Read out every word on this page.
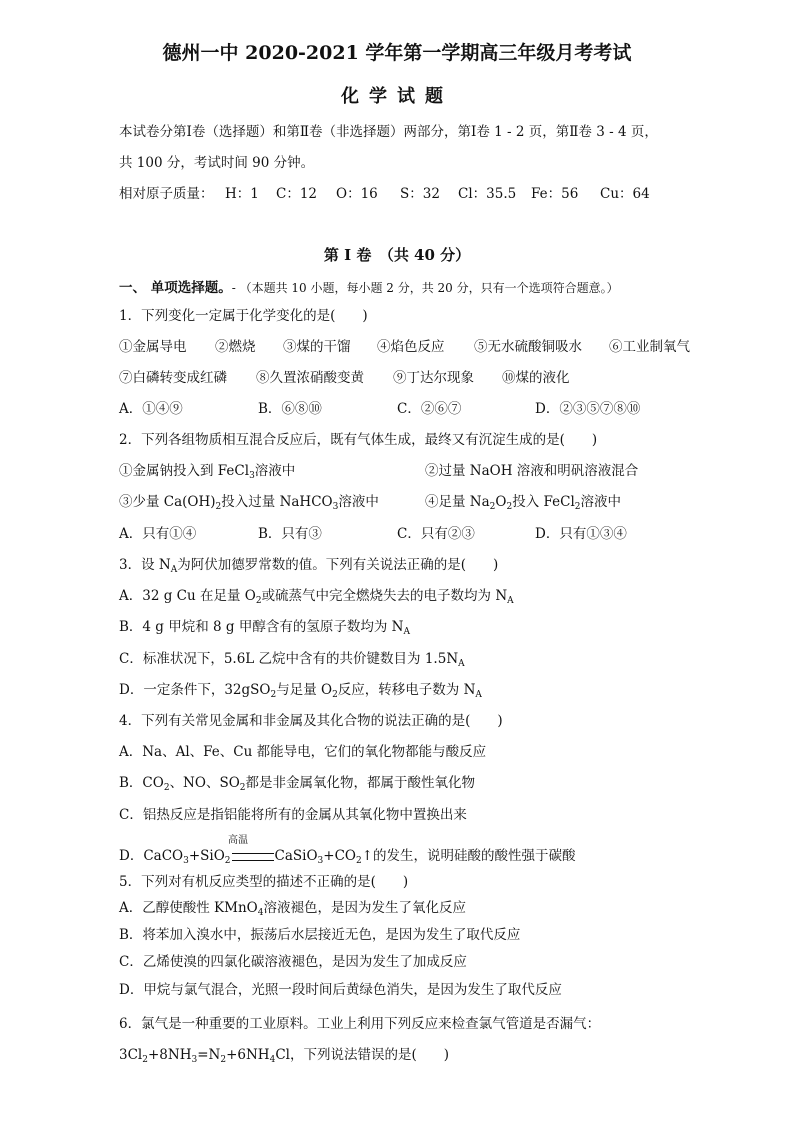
德州一中 2020-2021 学年第一学期高三年级月考考试
化学试题
本试卷分第Ⅰ卷（选择题）和第Ⅱ卷（非选择题）两部分，第Ⅰ卷 1 - 2 页，第Ⅱ卷 3 - 4 页，
共 100 分，考试时间 90 分钟。
相对原子质量： H：1 C：12 O：16 S：32 Cl：35.5 Fe：56 Cu：64
第 I 卷　（共 40 分）
一、 单项选择题。- （本题共 10 小题，每小题 2 分，共 20 分，只有一个选项符合题意。）
1．下列变化一定属于化学变化的是(　　)
①金属导电 ②燃烧 ③煤的干馏 ④焰色反应 ⑤无水硫酸铜吸水 ⑥工业制氧气
⑦白磷转变成红磷 ⑧久置浓硝酸变黄 ⑨丁达尔现象 ⑩煤的液化
A．①④⑨	B．⑥⑧⑩	C．②⑥⑦	D．②③⑤⑦⑧⑩
2．下列各组物质相互混合反应后，既有气体生成，最终又有沉淀生成的是(　　)
①金属钠投入到 FeCl$_3$溶液中	②过量 NaOH 溶液和明矾溶液混合
③少量 $Ca(OH)_2$投入过量 NaHCO$_3$溶液中	④足量 $Na_2O_2$投入 FeCl$_2$溶液中
A．只有①④	B．只有③	C．只有②③	D．只有①③④
3．设 $N_A$为阿伏加德罗常数的值。下列有关说法正确的是(　　)
A．32 g Cu 在足量 $O_2$或硫蒸气中完全燃烧失去的电子数均为 $N_A$
B．4 g 甲烷和 8 g 甲醇含有的氢原子数均为 $N_A$
C．标准状况下，5.6L 乙烷中含有的共价键数目为 $1.5N_A$
D．一定条件下，32gSO$_2$与足量 $O_2$反应，转移电子数为 $N_A$
4．下列有关常见金属和非金属及其化合物的说法正确的是(　　)
A．Na、Al、Fe、Cu 都能导电，它们的氧化物都能与酸反应
B．$CO_2$、NO、$SO_2$都是非金属氧化物，都属于酸性氧化物
C．铝热反应是指铝能将所有的金属从其氧化物中置换出来
高温
D．CaCO$_3$+SiO$_2$	$CaSiO_3+CO_2↑$的发生，说明硅酸的酸性强于碳酸
5．下列对有机反应类型的描述不正确的是(　　)
A．乙醇使酸性 KMnO$_4$溶液褪色，是因为发生了氧化反应
B．将苯加入溴水中，振荡后水层接近无色，是因为发生了取代反应
C．乙烯使溴的四氯化碳溶液褪色，是因为发生了加成反应
D．甲烷与氯气混合，光照一段时间后黄绿色消失，是因为发生了取代反应
6．氯气是一种重要的工业原料。工业上利用下列反应来检查氯气管道是否漏气：
$3Cl_2+8NH_3=N_2+6NH_4Cl$，下列说法错误的是(　　)
